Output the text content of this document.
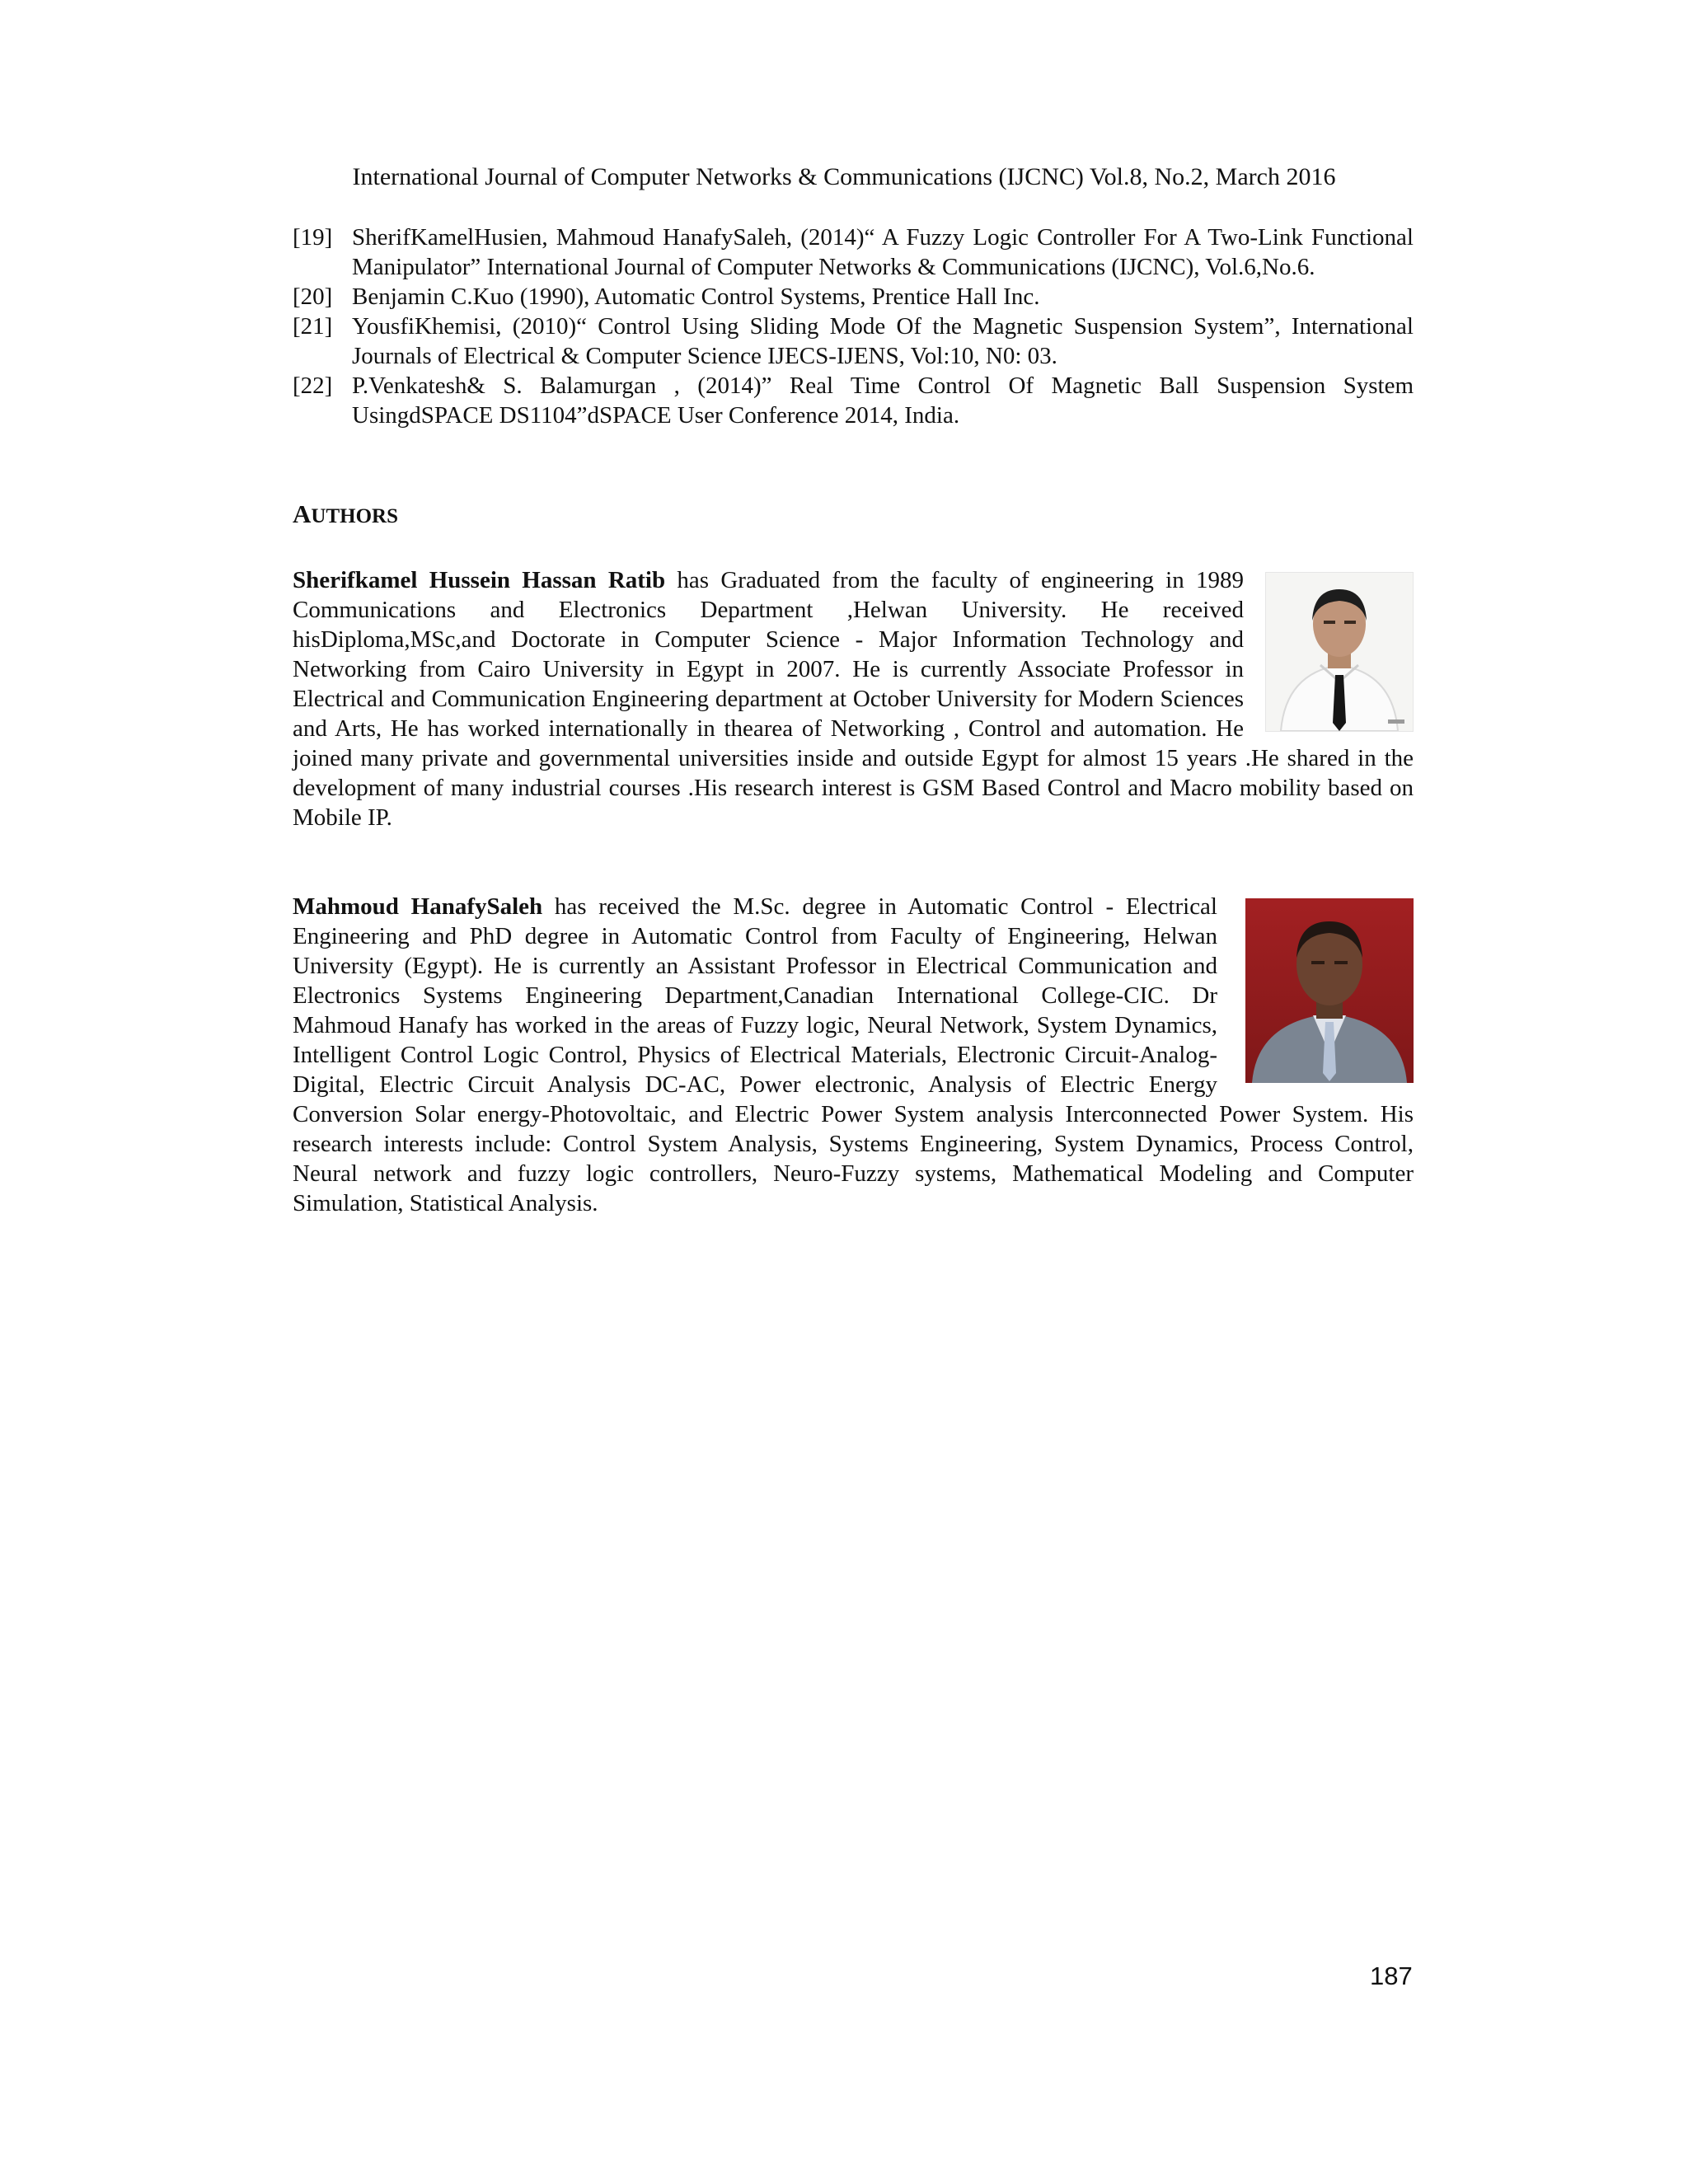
International Journal of Computer Networks & Communications (IJCNC) Vol.8, No.2, March 2016
[19] SherifKamelHusien, Mahmoud HanafySaleh, (2014)“ A Fuzzy Logic Controller For A Two-Link Functional Manipulator” International Journal of Computer Networks & Communications (IJCNC), Vol.6,No.6.
[20] Benjamin C.Kuo (1990), Automatic Control Systems, Prentice Hall Inc.
[21] YousfiKhemisi, (2010)“ Control Using Sliding Mode Of the Magnetic Suspension System”, International Journals of Electrical & Computer Science IJECS-IJENS, Vol:10, N0: 03.
[22] P.Venkatesh& S. Balamurgan , (2014)” Real Time Control Of Magnetic Ball Suspension System UsingdSPACE DS1104”dSPACE User Conference 2014, India.
AUTHORS
Sherifkamel Hussein Hassan Ratib has Graduated from the faculty of engineering in 1989 Communications and Electronics Department ,Helwan University. He received hisDiploma,MSc,and Doctorate in Computer Science - Major Information Technology and Networking from Cairo University in Egypt in 2007. He is currently Associate Professor in Electrical and Communication Engineering department at October University for Modern Sciences and Arts, He has worked internationally in thearea of Networking , Control and automation. He joined many private and governmental universities inside and outside Egypt for almost 15 years .He shared in the development of many industrial courses .His research interest is GSM Based Control and Macro mobility based on Mobile IP.
Mahmoud HanafySaleh has received the M.Sc. degree in Automatic Control - Electrical Engineering and PhD degree in Automatic Control from Faculty of Engineering, Helwan University (Egypt). He is currently an Assistant Professor in Electrical Communication and Electronics Systems Engineering Department,Canadian International College-CIC. Dr Mahmoud Hanafy has worked in the areas of Fuzzy logic, Neural Network, System Dynamics, Intelligent Control Logic Control, Physics of Electrical Materials, Electronic Circuit-Analog-Digital, Electric Circuit Analysis DC-AC, Power electronic, Analysis of Electric Energy Conversion Solar energy-Photovoltaic, and Electric Power System analysis Interconnected Power System. His research interests include: Control System Analysis, Systems Engineering, System Dynamics, Process Control, Neural network and fuzzy logic controllers, Neuro-Fuzzy systems, Mathematical Modeling and Computer Simulation, Statistical Analysis.
187
